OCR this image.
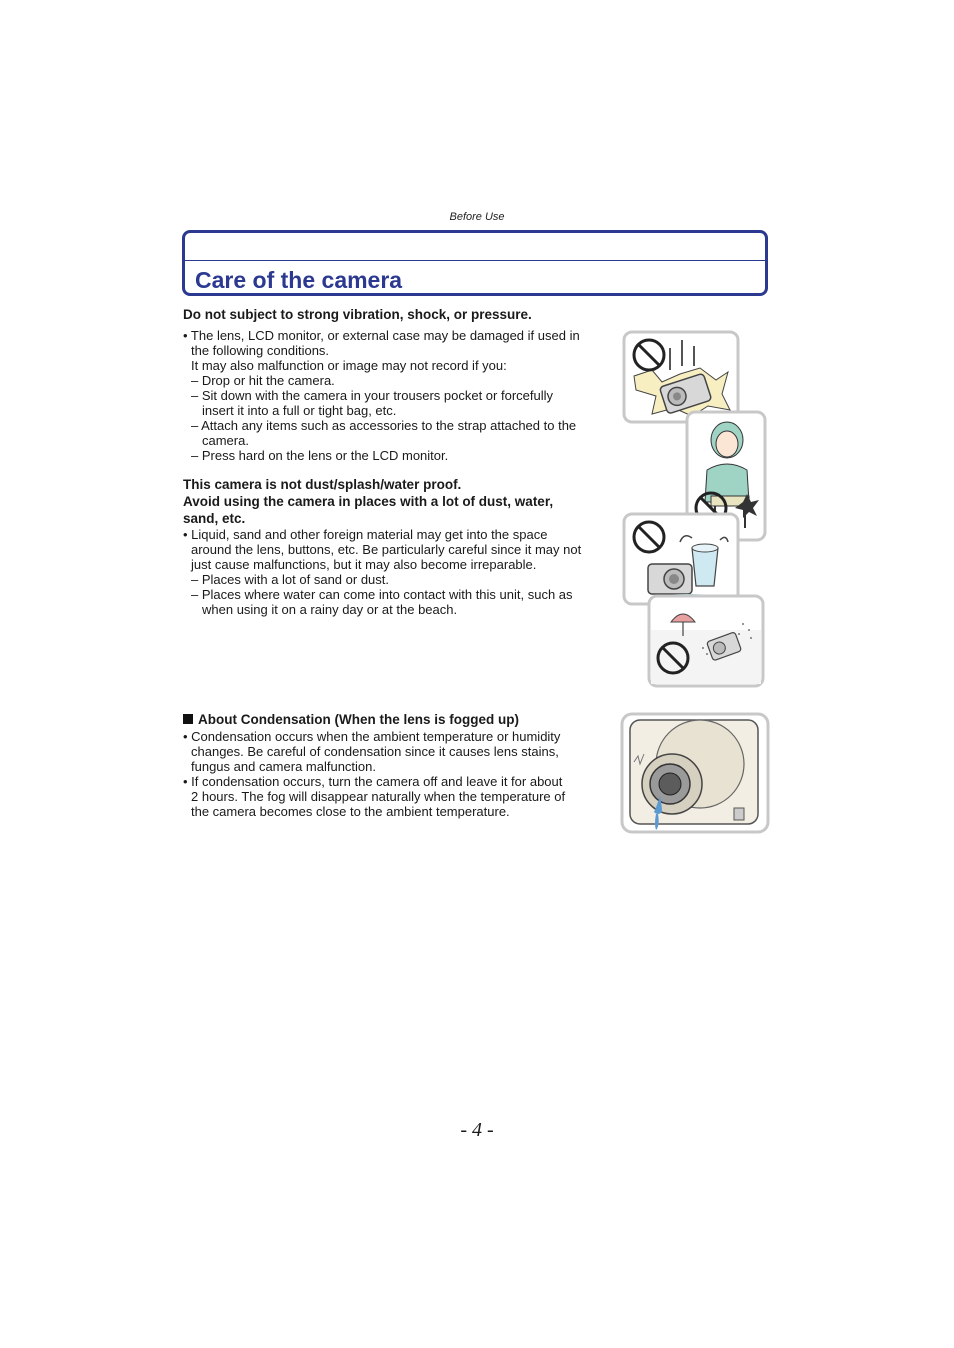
Before Use
Care of the camera
Do not subject to strong vibration, shock, or pressure.
• The lens, LCD monitor, or external case may be damaged if used in
the following conditions.
It may also malfunction or image may not record if you:
– Drop or hit the camera.
– Sit down with the camera in your trousers pocket or forcefully
insert it into a full or tight bag, etc.
– Attach any items such as accessories to the strap attached to the
camera.
– Press hard on the lens or the LCD monitor.
This camera is not dust/splash/water proof.
Avoid using the camera in places with a lot of dust, water,
sand, etc.
• Liquid, sand and other foreign material may get into the space
around the lens, buttons, etc. Be particularly careful since it may not
just cause malfunctions, but it may also become irreparable.
– Places with a lot of sand or dust.
– Places where water can come into contact with this unit, such as
when using it on a rainy day or at the beach.
About Condensation (When the lens is fogged up)
• Condensation occurs when the ambient temperature or humidity
changes. Be careful of condensation since it causes lens stains,
fungus and camera malfunction.
• If condensation occurs, turn the camera off and leave it for about
2 hours. The fog will disappear naturally when the temperature of
the camera becomes close to the ambient temperature.
- 4 -
